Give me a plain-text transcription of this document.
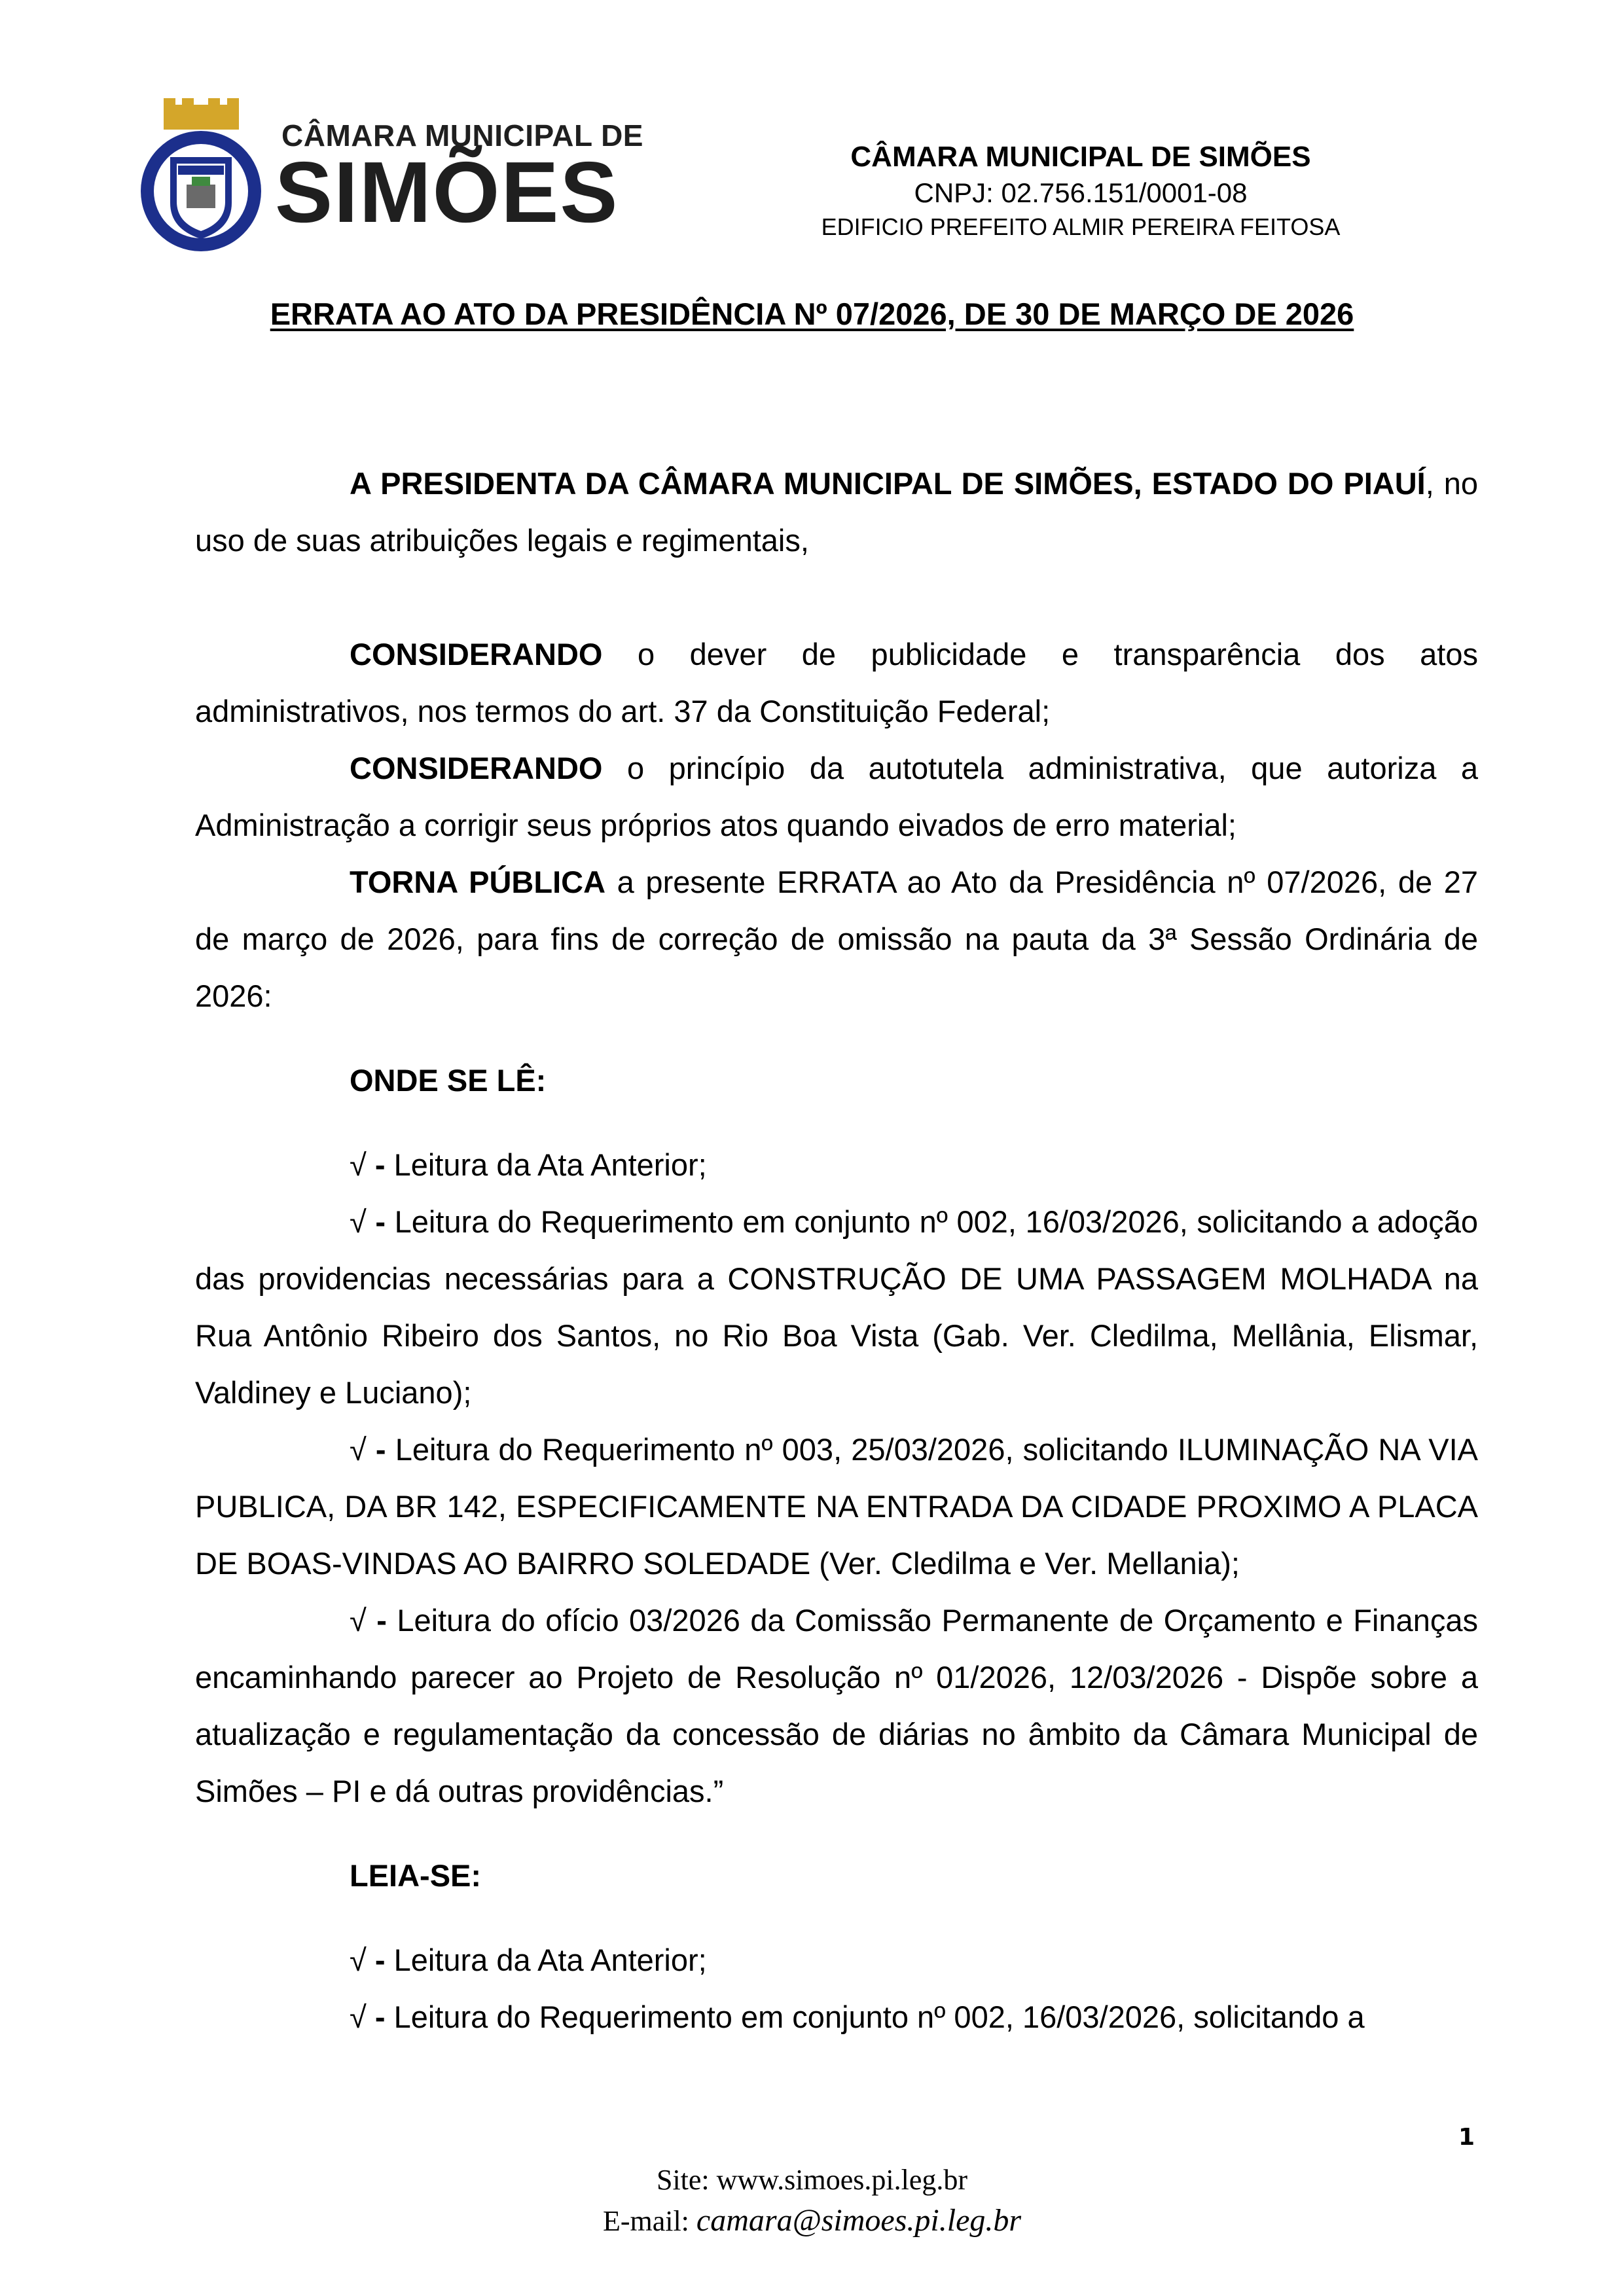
CÂMARA MUNICIPAL DE
SIMÕES	CÂMARA MUNICIPAL DE SIMÕES
CNPJ: 02.756.151/0001-08
EDIFICIO PREFEITO ALMIR PEREIRA FEITOSA
ERRATA AO ATO DA PRESIDÊNCIA Nº 07/2026, DE 30 DE MARÇO DE 2026

A PRESIDENTA DA CÂMARA MUNICIPAL DE SIMÕES, ESTADO DO PIAUÍ, no uso de suas atribuições legais e regimentais,

CONSIDERANDO o dever de publicidade e transparência dos atos administrativos, nos termos do art. 37 da Constituição Federal;

CONSIDERANDO o princípio da autotutela administrativa, que autoriza a Administração a corrigir seus próprios atos quando eivados de erro material;

TORNA PÚBLICA a presente ERRATA ao Ato da Presidência nº 07/2026, de 27 de março de 2026, para fins de correção de omissão na pauta da 3ª Sessão Ordinária de 2026:

ONDE SE LÊ:

√ - Leitura da Ata Anterior;

√ - Leitura do Requerimento em conjunto nº 002, 16/03/2026, solicitando a adoção das providencias necessárias para a CONSTRUÇÃO DE UMA PASSAGEM MOLHADA na Rua Antônio Ribeiro dos Santos, no Rio Boa Vista (Gab. Ver. Cledilma, Mellânia, Elismar, Valdiney e Luciano);

√ - Leitura do Requerimento nº 003, 25/03/2026, solicitando ILUMINAÇÃO NA VIA PUBLICA, DA BR 142, ESPECIFICAMENTE NA ENTRADA DA CIDADE PROXIMO A PLACA DE BOAS-VINDAS AO BAIRRO SOLEDADE (Ver. Cledilma e Ver. Mellania);

√ - Leitura do ofício 03/2026 da Comissão Permanente de Orçamento e Finanças encaminhando parecer ao Projeto de Resolução nº 01/2026, 12/03/2026 - Dispõe sobre a atualização e regulamentação da concessão de diárias no âmbito da Câmara Municipal de Simões – PI e dá outras providências.”

LEIA-SE:

√ - Leitura da Ata Anterior;

√ - Leitura do Requerimento em conjunto nº 002, 16/03/2026, solicitando a

1
Site: www.simoes.pi.leg.br
E-mail: camara@simoes.pi.leg.br
